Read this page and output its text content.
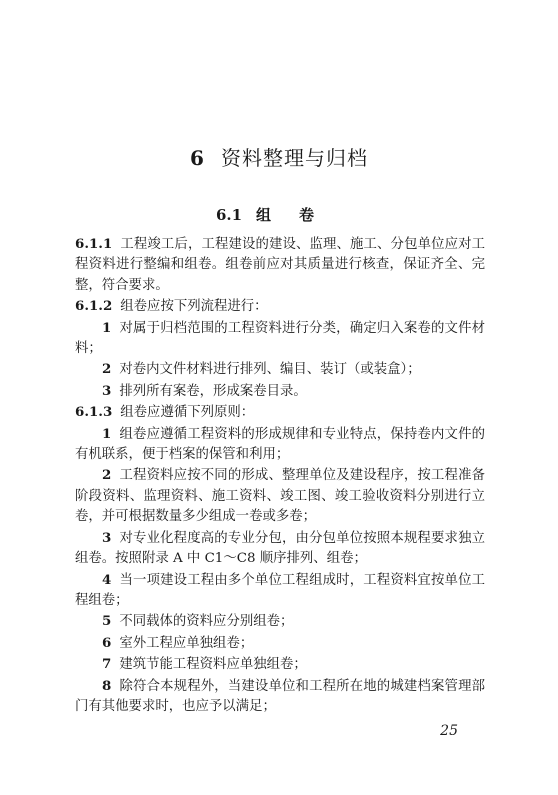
6 资料整理与归档
6.1 组卷

6.1.1 工程竣工后，工程建设的建设、监理、施工、分包单位应对工程资料进行整编和组卷。组卷前应对其质量进行核查，保证齐全、完整，符合要求。

6.1.2 组卷应按下列流程进行：

1 对属于归档范围的工程资料进行分类，确定归入案卷的文件材料；

2 对卷内文件材料进行排列、编目、装订（或装盒）；

3 排列所有案卷，形成案卷目录。

6.1.3 组卷应遵循下列原则：

1 组卷应遵循工程资料的形成规律和专业特点，保持卷内文件的有机联系，便于档案的保管和利用；

2 工程资料应按不同的形成、整理单位及建设程序，按工程准备阶段资料、监理资料、施工资料、竣工图、竣工验收资料分别进行立卷，并可根据数量多少组成一卷或多卷；

3 对专业化程度高的专业分包，由分包单位按照本规程要求独立组卷。按照附录 A 中 C1～C8 顺序排列、组卷；

4 当一项建设工程由多个单位工程组成时，工程资料宜按单位工程组卷；

5 不同载体的资料应分别组卷；

6 室外工程应单独组卷；

7 建筑节能工程资料应单独组卷；

8 除符合本规程外，当建设单位和工程所在地的城建档案管理部门有其他要求时，也应予以满足；

25
